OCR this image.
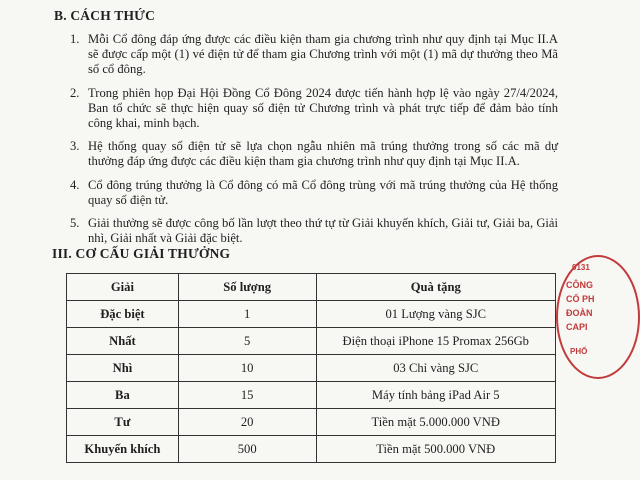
B. CÁCH THỨC
1. Mỗi Cổ đông đáp ứng được các điều kiện tham gia chương trình như quy định tại Mục II.A sẽ được cấp một (1) vé điện tử để tham gia Chương trình với một (1) mã dự thưởng theo Mã số cổ đông.
2. Trong phiên họp Đại Hội Đồng Cổ Đông 2024 được tiến hành hợp lệ vào ngày 27/4/2024, Ban tổ chức sẽ thực hiện quay số điện tử Chương trình và phát trực tiếp để đảm bảo tính công khai, minh bạch.
3. Hệ thống quay số điện tử sẽ lựa chọn ngẫu nhiên mã trúng thưởng trong số các mã dự thưởng đáp ứng được các điều kiện tham gia chương trình như quy định tại Mục II.A.
4. Cổ đông trúng thưởng là Cổ đông có mã Cổ đông trùng với mã trúng thưởng của Hệ thống quay số điện tử.
5. Giải thưởng sẽ được công bố lần lượt theo thứ tự từ Giải khuyến khích, Giải tư, Giải ba, Giải nhì, Giải nhất và Giải đặc biệt.
III. CƠ CẤU GIẢI THƯỞNG
Giải	Số lượng	Quà tặng
Đặc biệt	1	01 Lượng vàng SJC
Nhất	5	Điện thoại iPhone 15 Promax 256Gb
Nhì	10	03 Chỉ vàng SJC
Ba	15	Máy tính bảng iPad Air 5
Tư	20	Tiền mặt 5.000.000 VNĐ
Khuyến khích	500	Tiền mặt 500.000 VNĐ
0131
CÔNG
CỔ PH
ĐOÀN
CAPI
PHỐ
